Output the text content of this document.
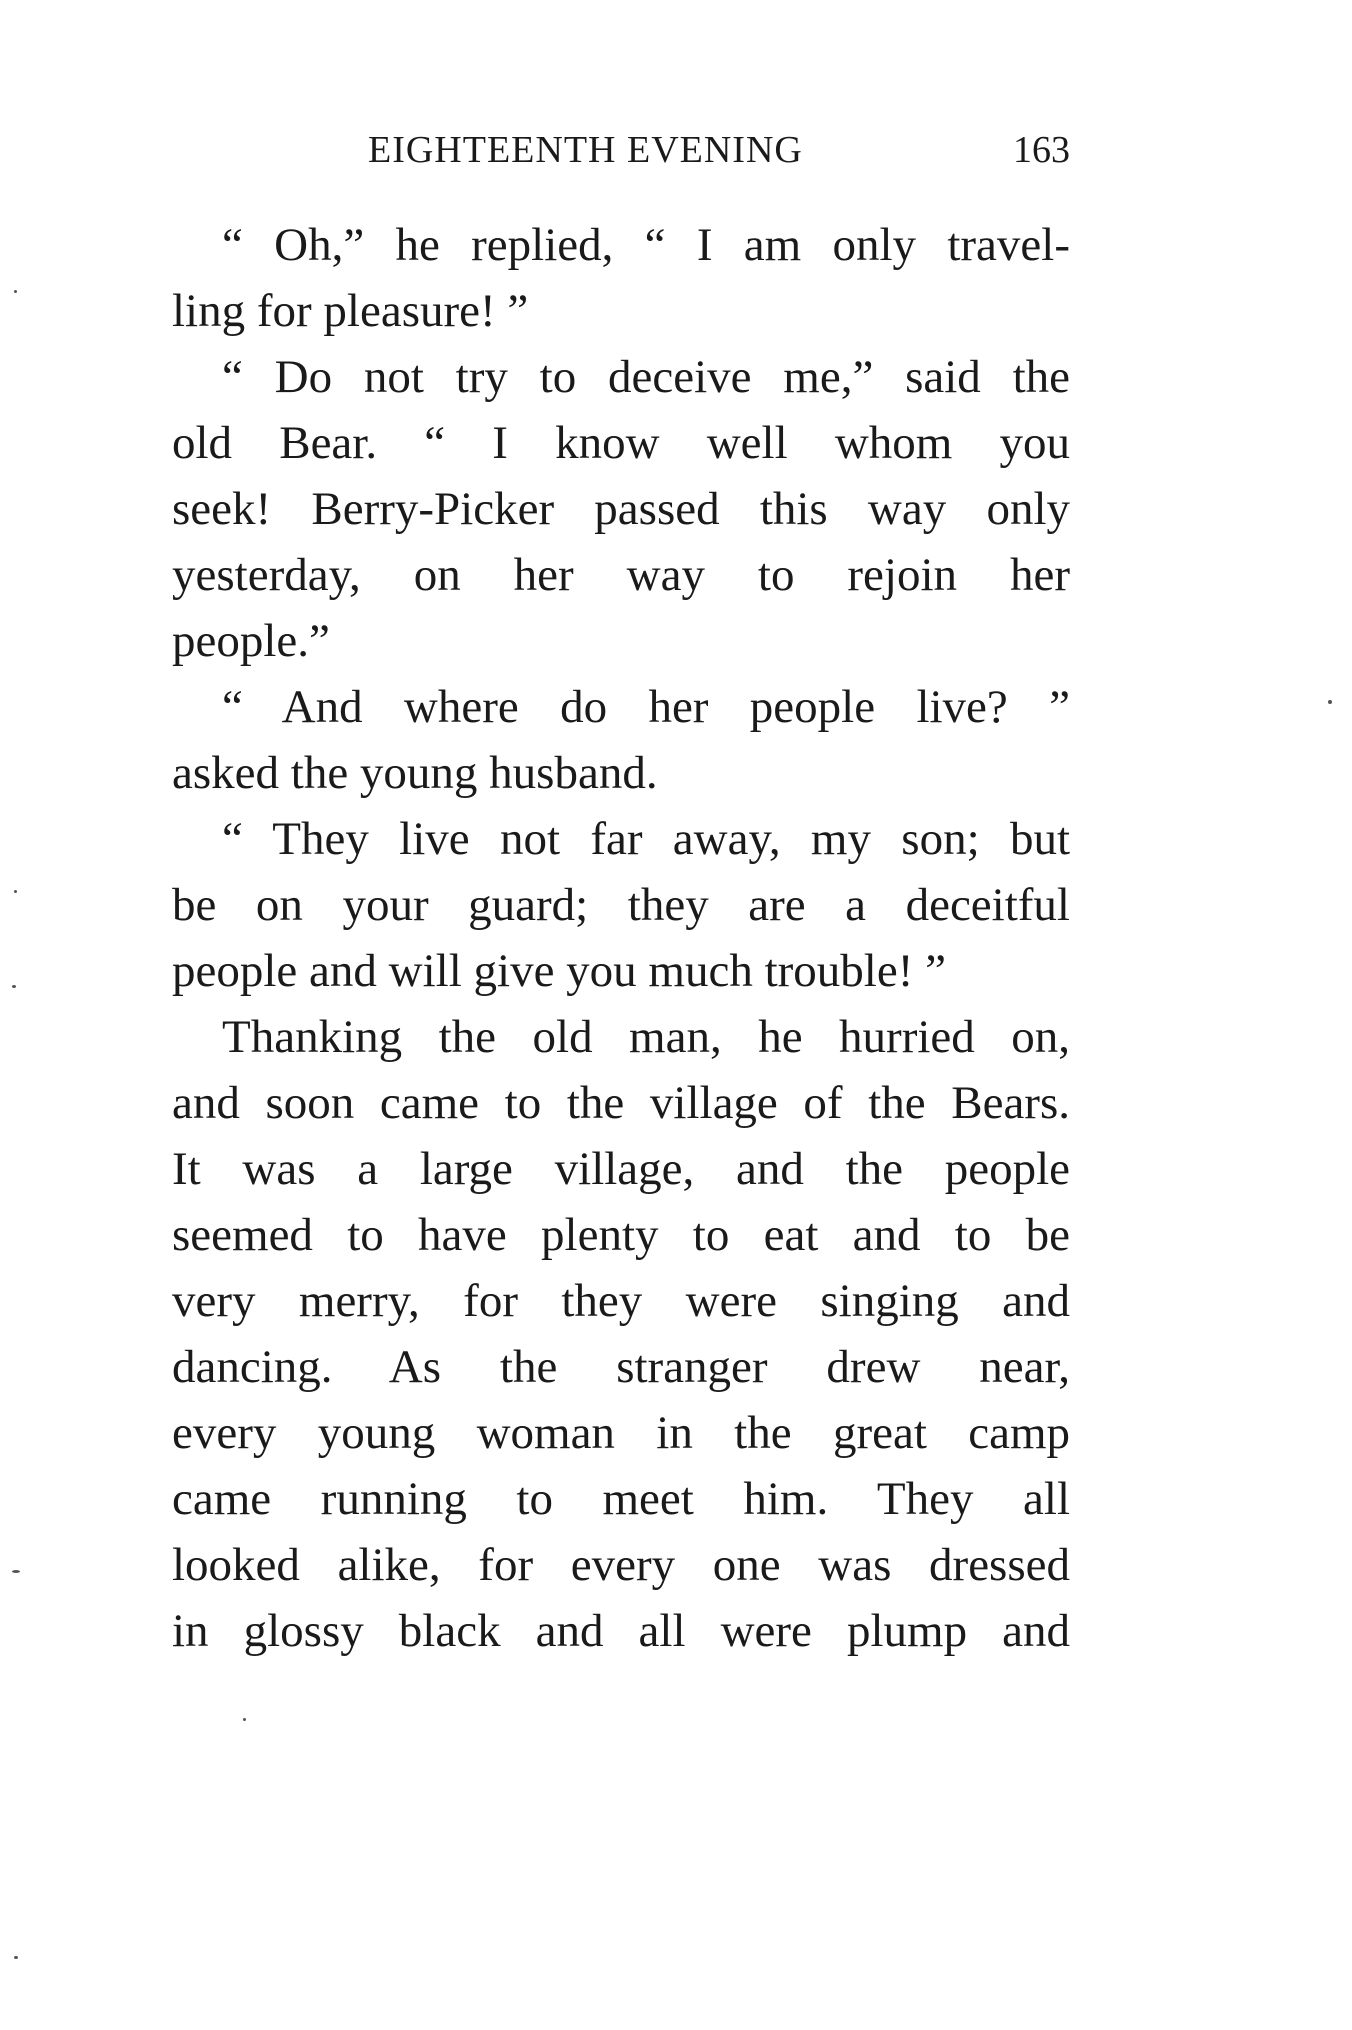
EIGHTEENTH EVENING	163
“ Oh,” he replied, “ I am only travel-
ling for pleasure! ”
“ Do not try to deceive me,” said the
old Bear. “ I know well whom you
seek! Berry-Picker passed this way only
yesterday, on her way to rejoin her
people.”
“ And where do her people live? ”
asked the young husband.
“ They live not far away, my son; but
be on your guard; they are a deceitful
people and will give you much trouble! ”
Thanking the old man, he hurried on,
and soon came to the village of the Bears.
It was a large village, and the people
seemed to have plenty to eat and to be
very merry, for they were singing and
dancing. As the stranger drew near,
every young woman in the great camp
came running to meet him. They all
looked alike, for every one was dressed
in glossy black and all were plump and
